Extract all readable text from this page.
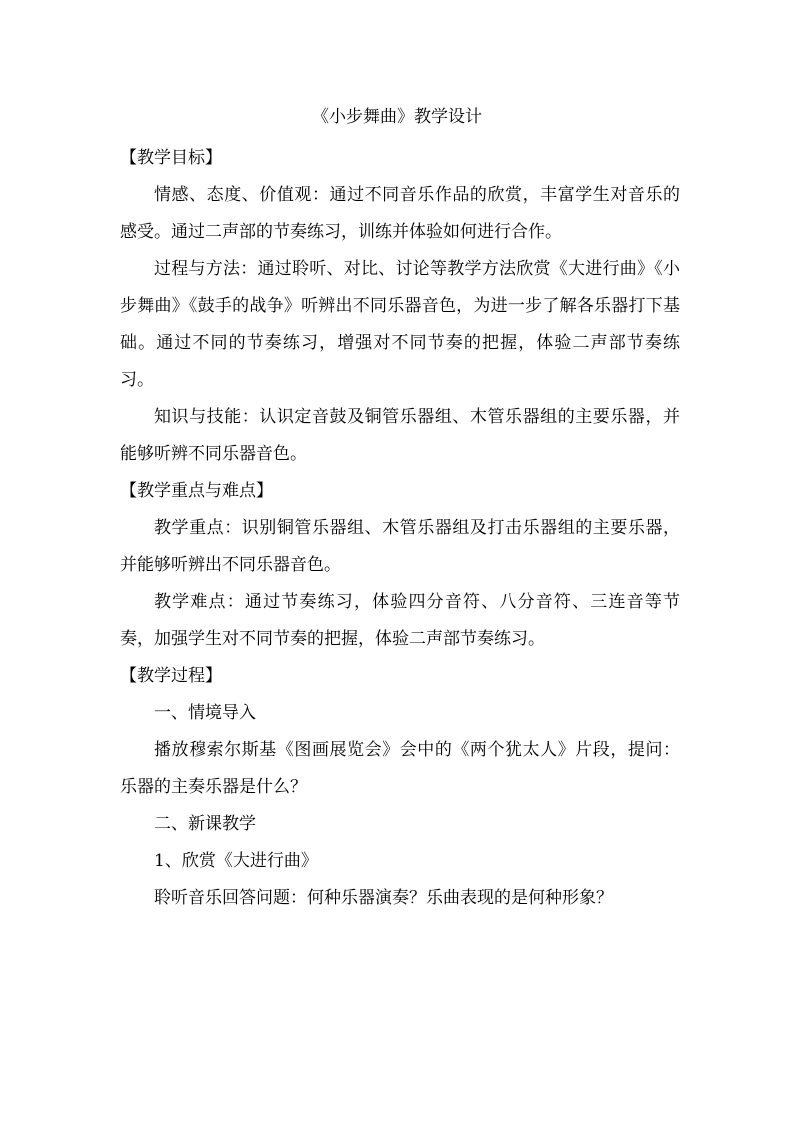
《小步舞曲》教学设计
【教学目标】

情感、态度、价值观：通过不同音乐作品的欣赏，丰富学生对音乐的感受。通过二声部的节奏练习，训练并体验如何进行合作。

过程与方法：通过聆听、对比、讨论等教学方法欣赏《大进行曲》《小步舞曲》《鼓手的战争》听辨出不同乐器音色，为进一步了解各乐器打下基础。通过不同的节奏练习，增强对不同节奏的把握，体验二声部节奏练习。

知识与技能：认识定音鼓及铜管乐器组、木管乐器组的主要乐器，并能够听辨不同乐器音色。

【教学重点与难点】

教学重点：识别铜管乐器组、木管乐器组及打击乐器组的主要乐器，并能够听辨出不同乐器音色。

教学难点：通过节奏练习，体验四分音符、八分音符、三连音等节奏，加强学生对不同节奏的把握，体验二声部节奏练习。

【教学过程】

一、情境导入

播放穆索尔斯基《图画展览会》会中的《两个犹太人》片段，提问：乐器的主奏乐器是什么？

二、新课教学

1、欣赏《大进行曲》

聆听音乐回答问题：何种乐器演奏？乐曲表现的是何种形象？
